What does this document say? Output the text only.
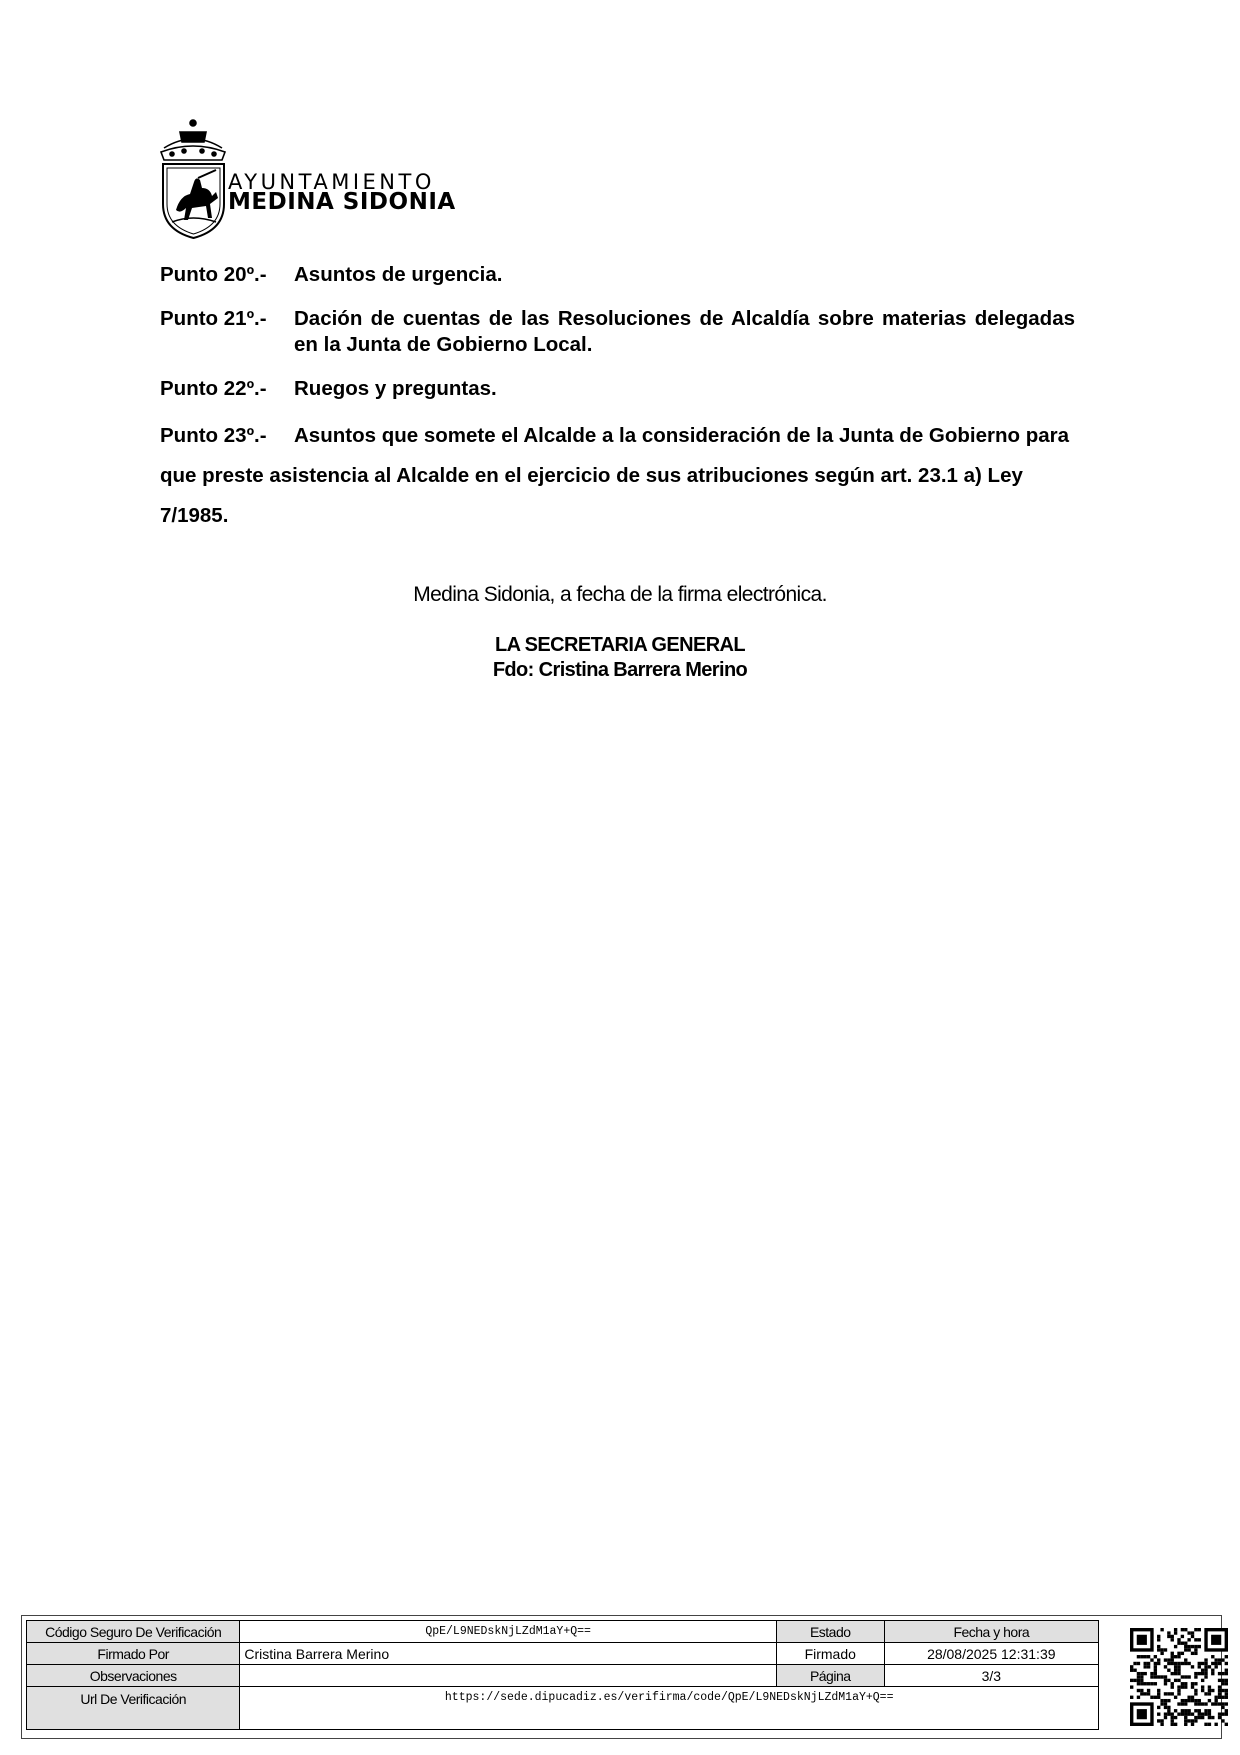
AYUNTAMIENTO
MEDINA SIDONIA
Punto 20º.-	Asuntos de urgencia.
Punto 21º.-	Dación de cuentas de las Resoluciones de Alcaldía sobre materias delegadas en la Junta de Gobierno Local.
Punto 22º.-	Ruegos y preguntas.
Punto 23º.- Asuntos que somete el Alcalde a la consideración de la Junta de Gobierno para que preste asistencia al Alcalde en el ejercicio de sus atribuciones según art. 23.1 a) Ley 7/1985.
Medina Sidonia, a fecha de la firma electrónica.
LA SECRETARIA GENERAL
Fdo: Cristina Barrera Merino
Código Seguro De Verificación	QpE/L9NEDskNjLZdM1aY+Q==	Estado	Fecha y hora
Firmado Por	Cristina Barrera Merino	Firmado	28/08/2025 12:31:39
Observaciones		Página	3/3
Url De Verificación	https://sede.dipucadiz.es/verifirma/code/QpE/L9NEDskNjLZdM1aY+Q==		
